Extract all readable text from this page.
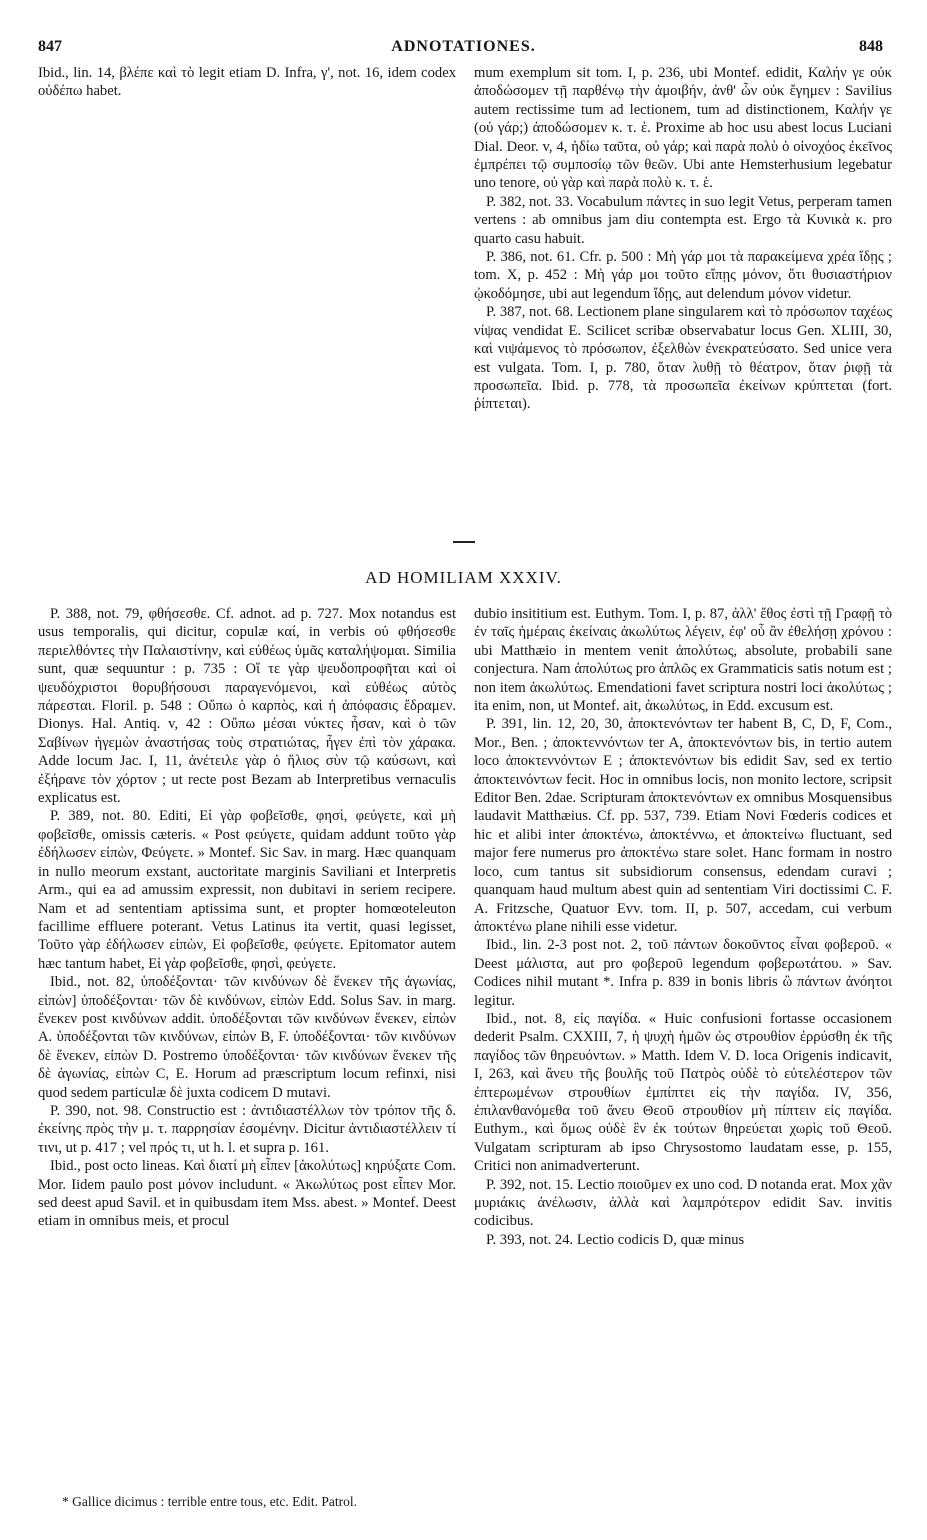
847	ADNOTATIONES.	848

Ibid., lin. 14, βλέπε καὶ τὸ legit etiam D. Infra, γ', not. 16, idem codex οὐδέπω habet.

mum exemplum sit tom. I, p. 236, ubi Montef. edidit, Καλήν γε οὐκ ἀποδώσομεν τῇ παρθένῳ τὴν ἀμοιβήν, ἀνθ' ὧν οὐκ ἔγημεν : Savilius autem rectissime tum ad lectionem, tum ad distinctionem, Καλήν γε (οὐ γάρ;) ἀποδώσομεν κ. τ. ἑ. Proxime ab hoc usu abest locus Luciani Dial. Deor. v, 4, ἡδίω ταῦτα, οὐ γάρ; καὶ παρὰ πολὺ ὁ οἰνοχόος ἐκεῖνος ἐμπρέπει τῷ συμποσίῳ τῶν θεῶν. Ubi ante Hemsterhusium legebatur uno tenore, οὐ γὰρ καὶ παρὰ πολὺ κ. τ. ἑ.

P. 382, not. 33. Vocabulum πάντες in suo legit Vetus, perperam tamen vertens : ab omnibus jam diu contempta est. Ergo τὰ Κυνικὰ κ. pro quarto casu habuit.

P. 386, not. 61. Cfr. p. 500 : Μὴ γάρ μοι τὰ παρακείμενα χρέα ἴδῃς ; tom. X, p. 452 : Μὴ γάρ μοι τοῦτο εἴπῃς μόνον, ὅτι θυσιαστήριον ᾠκοδόμησε, ubi aut legendum ἴδῃς, aut delendum μόνον videtur.

P. 387, not. 68. Lectionem plane singularem καὶ τὸ πρόσωπον ταχέως νίψας vendidat E. Scilicet scribæ observabatur locus Gen. XLIII, 30, καὶ νιψάμενος τὸ πρόσωπον, ἐξελθὼν ἐνεκρατεύσατο. Sed unice vera est vulgata. Tom. I, p. 780, ὅταν λυθῇ τὸ θέατρον, ὅταν ῥιφῇ τὰ προσωπεῖα. Ibid. p. 778, τὰ προσωπεῖα ἐκείνων κρύπτεται (fort. ῥίπτεται).

AD HOMILIAM XXXIV.

P. 388, not. 79, φθήσεσθε. Cf. adnot. ad p. 727. Mox notandus est usus temporalis, qui dicitur, copulæ καί, in verbis οὐ φθήσεσθε περιελθόντες τὴν Παλαιστίνην, καὶ εὐθέως ὑμᾶς καταλήψομαι. Similia sunt, quæ sequuntur : p. 735 : Οἵ τε γὰρ ψευδοπροφῆται καὶ οἱ ψευδόχριστοι θορυβήσουσι παραγενόμενοι, καὶ εὐθέως αὐτὸς πάρεσται. Floril. p. 548 : Οὔπω ὁ καρπὸς, καὶ ἡ ἀπόφασις ἔδραμεν. Dionys. Hal. Antiq. v, 42 : Οὔπω μέσαι νύκτες ἦσαν, καὶ ὁ τῶν Σαβίνων ἡγεμὼν ἀναστήσας τοὺς στρατιώτας, ἦγεν ἐπὶ τὸν χάρακα. Adde locum Jac. I, 11, ἀνέτειλε γὰρ ὁ ἥλιος σὺν τῷ καύσωνι, καὶ ἐξήρανε τὸν χόρτον ; ut recte post Bezam ab Interpretibus vernaculis explicatus est.

P. 389, not. 80. Editi, Εἰ γὰρ φοβεῖσθε, φησὶ, φεύγετε, καὶ μὴ φοβεῖσθε, omissis cæteris. « Post φεύγετε, quidam addunt τοῦτο γὰρ ἐδήλωσεν εἰπὼν, Φεύγετε. » Montef. Sic Sav. in marg. Hæc quanquam in nullo meorum exstant, auctoritate marginis Saviliani et Interpretis Arm., qui ea ad amussim expressit, non dubitavi in seriem recipere. Nam et ad sententiam aptissima sunt, et propter homœoteleuton facillime effluere poterant. Vetus Latinus ita vertit, quasi legisset, Τοῦτο γὰρ ἐδήλωσεν εἰπὼν, Εἰ φοβεῖσθε, φεύγετε. Epitomator autem hæc tantum habet, Εἰ γὰρ φοβεῖσθε, φησὶ, φεύγετε.

Ibid., not. 82, ὑποδέξονται· τῶν κινδύνων δὲ ἕνεκεν τῆς ἀγωνίας, εἰπών] ὑποδέξονται· τῶν δὲ κινδύνων, εἰπὼν Edd. Solus Sav. in marg. ἕνεκεν post κινδύνων addit. ὑποδέξονται τῶν κινδύνων ἕνεκεν, εἰπὼν A. ὑποδέξονται τῶν κινδύνων, εἰπὼν B, F. ὑποδέξονται· τῶν κινδύνων δὲ ἕνεκεν, εἰπὼν D. Postremo ὑποδέξονται· τῶν κινδύνων ἕνεκεν τῆς δὲ ἀγωνίας, εἰπὼν C, E. Horum ad præscriptum locum refinxi, nisi quod sedem particulæ δὲ juxta codicem D mutavi.

P. 390, not. 98. Constructio est : ἀντιδιαστέλλων τὸν τρόπον τῆς δ. ἐκείνης πρὸς τὴν μ. τ. παρρησίαν ἐσομένην. Dicitur ἀντιδιαστέλλειν τί τινι, ut p. 417 ; vel πρός τι, ut h. l. et supra p. 161.

Ibid., post octo lineas. Καὶ διατί μὴ εἶπεν [ἀκολύτως] κηρύξατε Com. Mor. Iidem paulo post μόνον includunt. « Ἀκωλύτως post εἶπεν Mor. sed deest apud Savil. et in quibusdam item Mss. abest. » Montef. Deest etiam in omnibus meis, et procul

dubio insititium est. Euthym. Tom. I, p. 87, ἀλλ' ἔθος ἐστὶ τῇ Γραφῇ τὸ ἐν ταῖς ἡμέραις ἐκείναις ἀκωλύτως λέγειν, ἐφ' οὗ ἂν ἐθελήσῃ χρόνου : ubi Matthæio in mentem venit ἀπολύτως, absolute, probabili sane conjectura. Nam ἀπολύτως pro ἁπλῶς ex Grammaticis satis notum est ; non item ἀκωλύτως. Emendationi favet scriptura nostri loci ἀκολύτως ; ita enim, non, ut Montef. ait, ἀκωλύτως, in Edd. excusum est.

P. 391, lin. 12, 20, 30, ἀποκτενόντων ter habent B, C, D, F, Com., Mor., Ben. ; ἀποκτεννόντων ter A, ἀποκτενόντων bis, in tertio autem loco ἀποκτεννόντων E ; ἀποκτενόντων bis edidit Sav, sed ex tertio ἀποκτεινόντων fecit. Hoc in omnibus locis, non monito lectore, scripsit Editor Ben. 2dae. Scripturam ἀποκτενόντων ex omnibus Mosquensibus laudavit Matthæius. Cf. pp. 537, 739. Etiam Novi Fœderis codices et hic et alibi inter ἀποκτένω, ἀποκτέννω, et ἀποκτείνω fluctuant, sed major fere numerus pro ἀποκτένω stare solet. Hanc formam in nostro loco, cum tantus sit subsidiorum consensus, edendam curavi ; quanquam haud multum abest quin ad sententiam Viri doctissimi C. F. A. Fritzsche, Quatuor Evv. tom. II, p. 507, accedam, cui verbum ἀποκτένω plane nihili esse videtur.

Ibid., lin. 2-3 post not. 2, τοῦ πάντων δοκοῦντος εἶναι φοβεροῦ. « Deest μάλιστα, aut pro φοβεροῦ legendum φοβερωτάτου. » Sav. Codices nihil mutant *. Infra p. 839 in bonis libris ὢ πάντων ἀνόητοι legitur.

Ibid., not. 8, εἰς παγίδα. « Huic confusioni fortasse occasionem dederit Psalm. CXXIII, 7, ἡ ψυχὴ ἡμῶν ὡς στρουθίον ἐρρύσθη ἐκ τῆς παγίδος τῶν θηρευόντων. » Matth. Idem V. D. loca Origenis indicavit, I, 263, καὶ ἄνευ τῆς βουλῆς τοῦ Πατρὸς οὐδὲ τὸ εὐτελέστερον τῶν ἐπτερωμένων στρουθίων ἐμπίπτει εἰς τὴν παγίδα. IV, 356, ἐπιλανθανόμεθα τοῦ ἄνευ Θεοῦ στρουθίον μὴ πίπτειν εἰς παγίδα. Euthym., καὶ ὅμως οὐδὲ ἓν ἐκ τούτων θηρεύεται χωρὶς τοῦ Θεοῦ. Vulgatam scripturam ab ipso Chrysostomo laudatam esse, p. 155, Critici non animadverterunt.

P. 392, not. 15. Lectio ποιοῦμεν ex uno cod. D notanda erat. Mox χἂν μυριάκις ἀνέλωσιν, ἀλλὰ καὶ λαμπρότερον edidit Sav. invitis codicibus.

P. 393, not. 24. Lectio codicis D, quæ minus

* Gallice dicimus : terrible entre tous, etc. Edit. Patrol.
